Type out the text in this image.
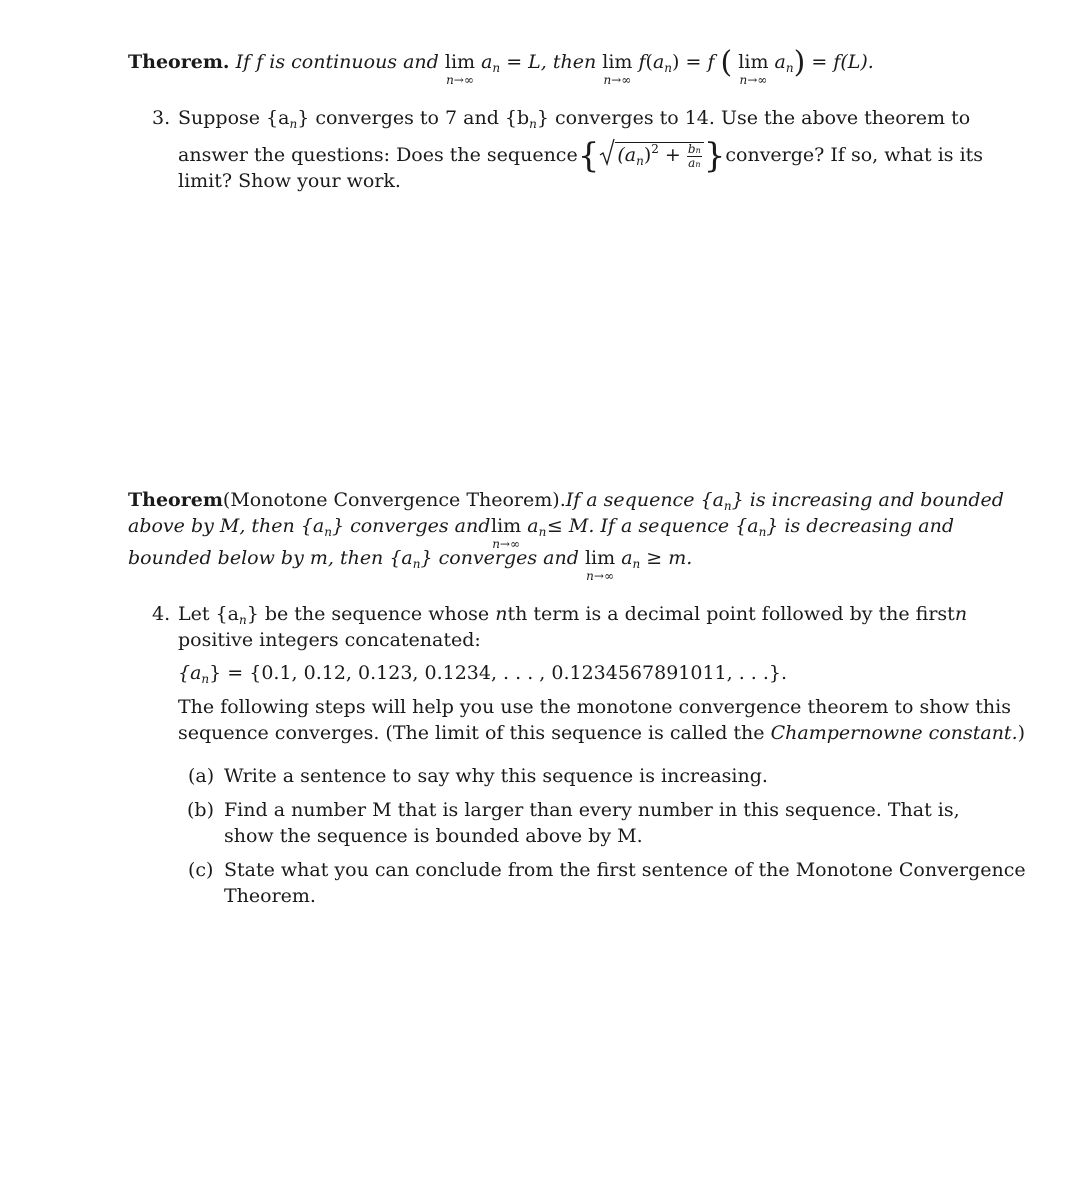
Theorem. If f is continuous and lim
n→∞
$a_n = L$, then lim
n→∞
$f(a_n) = f$ ( lim
n→∞
$a_n) = f(L)$.
3. Suppose $\{a_n\}$ converges to 7 and $\{b_n\}$ converges to 14. Use the above theorem to
answer the questions: Does the sequence { $(a_n)^2 + \frac{bn}{an}$ } converge? If so, what is its
limit? Show your work.
Theorem (Monotone Convergence Theorem). If a sequence $\{a_n\}$ is increasing and bounded
above by M, then $\{a_n\}$ converges and lim
n→∞
$a_n \le M$. If a sequence $\{a_n\}$ is decreasing and
bounded below by m, then $\{a_n\}$ converges and lim
n→∞
$a_n \ge m$.
4. Let $\{a_n\}$ be the sequence whose nth term is a decimal point followed by the first n
positive integers concatenated:
$\{a_n\} = \{0.1$, 0.12, 0.123, 0.1234, . . . , 0.1234567891011, . . .}.
The following steps will help you use the monotone convergence theorem to show this
sequence converges. (The limit of this sequence is called the Champernowne constant.)
(a) Write a sentence to say why this sequence is increasing.
(b) Find a number M that is larger than every number in this sequence. That is,
show the sequence is bounded above by M.
(c) State what you can conclude from the first sentence of the Monotone Convergence
Theorem.
